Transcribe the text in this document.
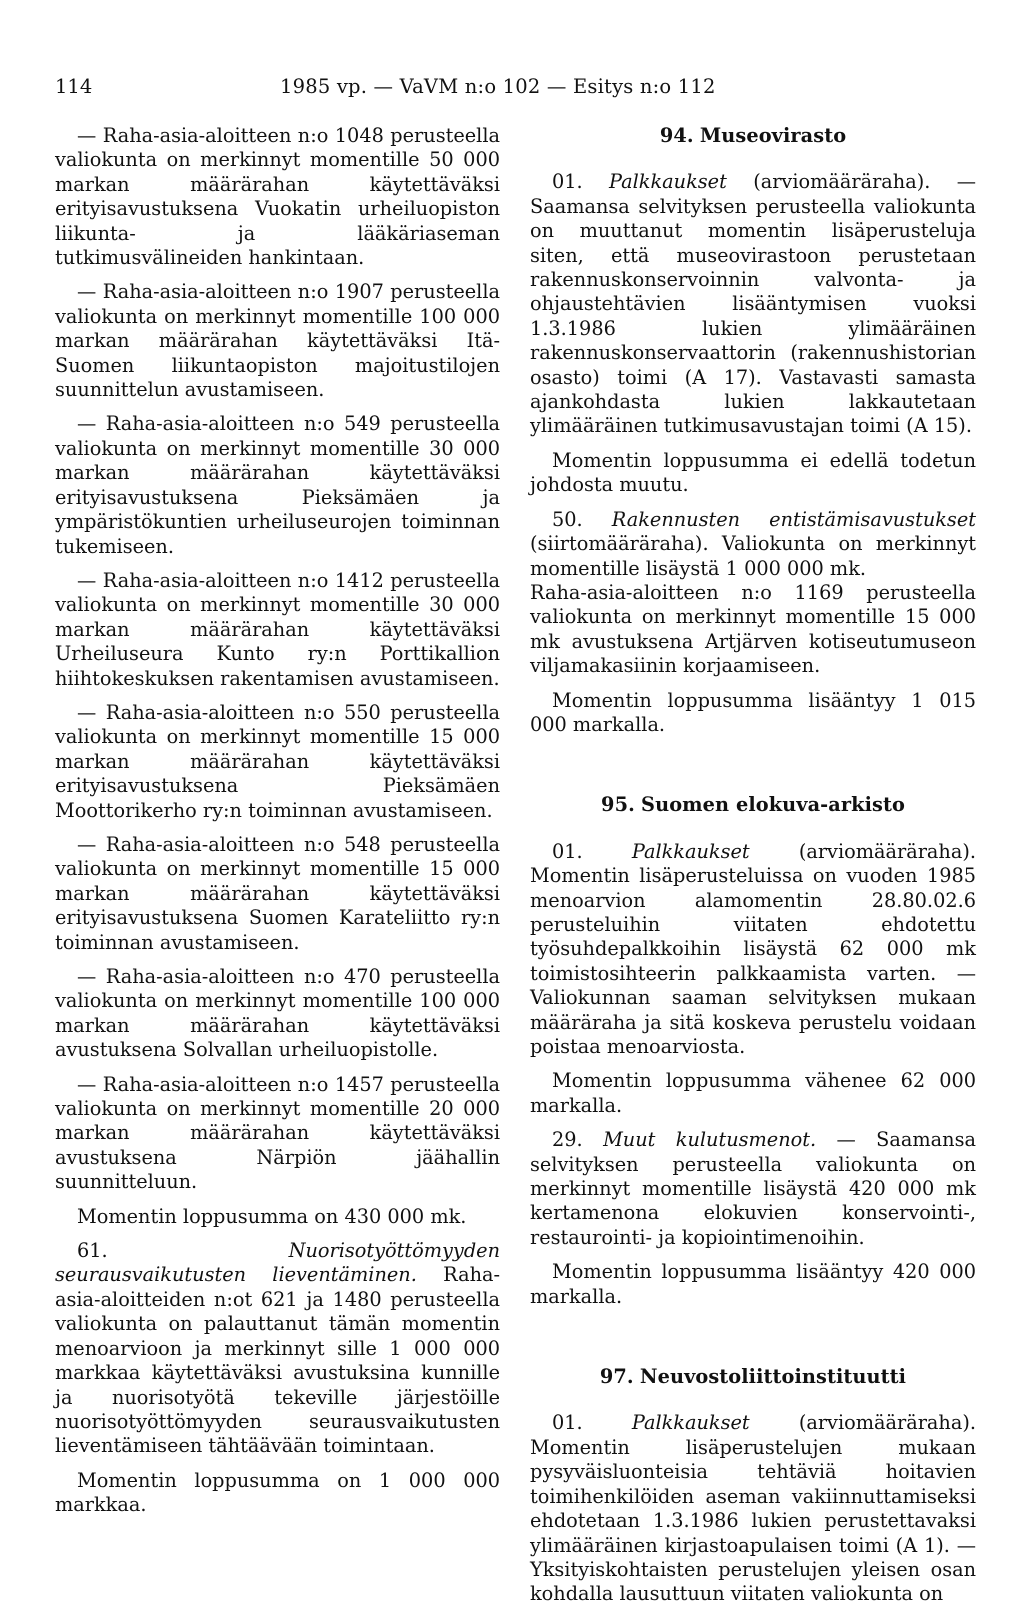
114

	1985 vp. — VaVM n:o 102 — Esitys n:o 112

— Raha-asia-aloitteen n:o 1048 perusteella valiokunta on merkinnyt momentille 50 000 markan määrärahan käytettäväksi erityisavustuksena Vuokatin urheiluopiston liikunta- ja lääkäriaseman tutkimusvälineiden hankintaan.

— Raha-asia-aloitteen n:o 1907 perusteella valiokunta on merkinnyt momentille 100 000 markan määrärahan käytettäväksi Itä-Suomen liikuntaopiston majoitustilojen suunnittelun avustamiseen.

— Raha-asia-aloitteen n:o 549 perusteella valiokunta on merkinnyt momentille 30 000 markan määrärahan käytettäväksi erityisavustuksena Pieksämäen ja ympäristökuntien urheiluseurojen toiminnan tukemiseen.

— Raha-asia-aloitteen n:o 1412 perusteella valiokunta on merkinnyt momentille 30 000 markan määrärahan käytettäväksi Urheiluseura Kunto ry:n Porttikallion hiihtokeskuksen rakentamisen avustamiseen.

— Raha-asia-aloitteen n:o 550 perusteella valiokunta on merkinnyt momentille 15 000 markan määrärahan käytettäväksi erityisavustuksena Pieksämäen Moottorikerho ry:n toiminnan avustamiseen.

— Raha-asia-aloitteen n:o 548 perusteella valiokunta on merkinnyt momentille 15 000 markan määrärahan käytettäväksi erityisavustuksena Suomen Karateliitto ry:n toiminnan avustamiseen.

— Raha-asia-aloitteen n:o 470 perusteella valiokunta on merkinnyt momentille 100 000 markan määrärahan käytettäväksi avustuksena Solvallan urheiluopistolle.

— Raha-asia-aloitteen n:o 1457 perusteella valiokunta on merkinnyt momentille 20 000 markan määrärahan käytettäväksi avustuksena Närpiön jäähallin suunnitteluun.

Momentin loppusumma on 430 000 mk.

61.	Nuorisotyöttömyyden seurausvaikutusten lieventäminen. Raha-asia-aloitteiden n:ot 621 ja 1480 perusteella valiokunta on palauttanut tämän momentin menoarvioon ja merkinnyt sille 1 000 000 markkaa käytettäväksi avustuksina kunnille ja nuorisotyötä tekeville järjestöille nuorisotyöttömyyden seurausvaikutusten lieventämiseen tähtäävään toimintaan.

Momentin loppusumma on 1 000 000 markkaa.

94. Museovirasto

01. Palkkaukset (arviomääräraha). — Saamansa selvityksen perusteella valiokunta on muuttanut momentin lisäperusteluja siten, että museovirastoon perustetaan rakennuskonservoinnin valvonta- ja ohjaustehtävien lisääntymisen vuoksi 1.3.1986 lukien ylimääräinen rakennuskonservaattorin (rakennushistorian osasto) toimi (A 17). Vastavasti samasta ajankohdasta lukien lakkautetaan ylimääräinen tutkimusavustajan toimi (A 15).

Momentin loppusumma ei edellä todetun johdosta muutu.

50. Rakennusten entistämisavustukset (siirtomääräraha). Valiokunta on merkinnyt momentille lisäystä 1 000 000 mk.

Raha-asia-aloitteen n:o 1169 perusteella valiokunta on merkinnyt momentille 15 000 mk avustuksena Artjärven kotiseutumuseon viljamakasiinin korjaamiseen.

Momentin loppusumma lisääntyy 1 015 000 markalla.

95. Suomen elokuva-arkisto

01.	Palkkaukset	(arviomääräraha). Momentin lisäperusteluissa on vuoden 1985 menoarvion alamomentin 28.80.02.6 perusteluihin viitaten ehdotettu työsuhdepalkkoihin lisäystä 62 000 mk toimistosihteerin palkkaamista varten. — Valiokunnan saaman selvityksen mukaan määräraha ja sitä koskeva perustelu voidaan poistaa menoarviosta.

Momentin loppusumma vähenee 62 000 markalla.

29. Muut kulutusmenot. — Saamansa selvityksen perusteella valiokunta on merkinnyt momentille lisäystä 420 000 mk kertamenona elokuvien konservointi-, restaurointi- ja kopiointimenoihin.

Momentin loppusumma lisääntyy 420 000 markalla.

97. Neuvostoliittoinstituutti

01.	Palkkaukset	(arviomääräraha). Momentin lisäperustelujen mukaan pysyväisluonteisia tehtäviä hoitavien toimihenkilöiden aseman vakiinnuttamiseksi ehdotetaan 1.3.1986 lukien perustettavaksi ylimääräinen kirjastoapulaisen toimi (A 1). — Yksityiskohtaisten perustelujen yleisen osan kohdalla lausuttuun viitaten valiokunta on
